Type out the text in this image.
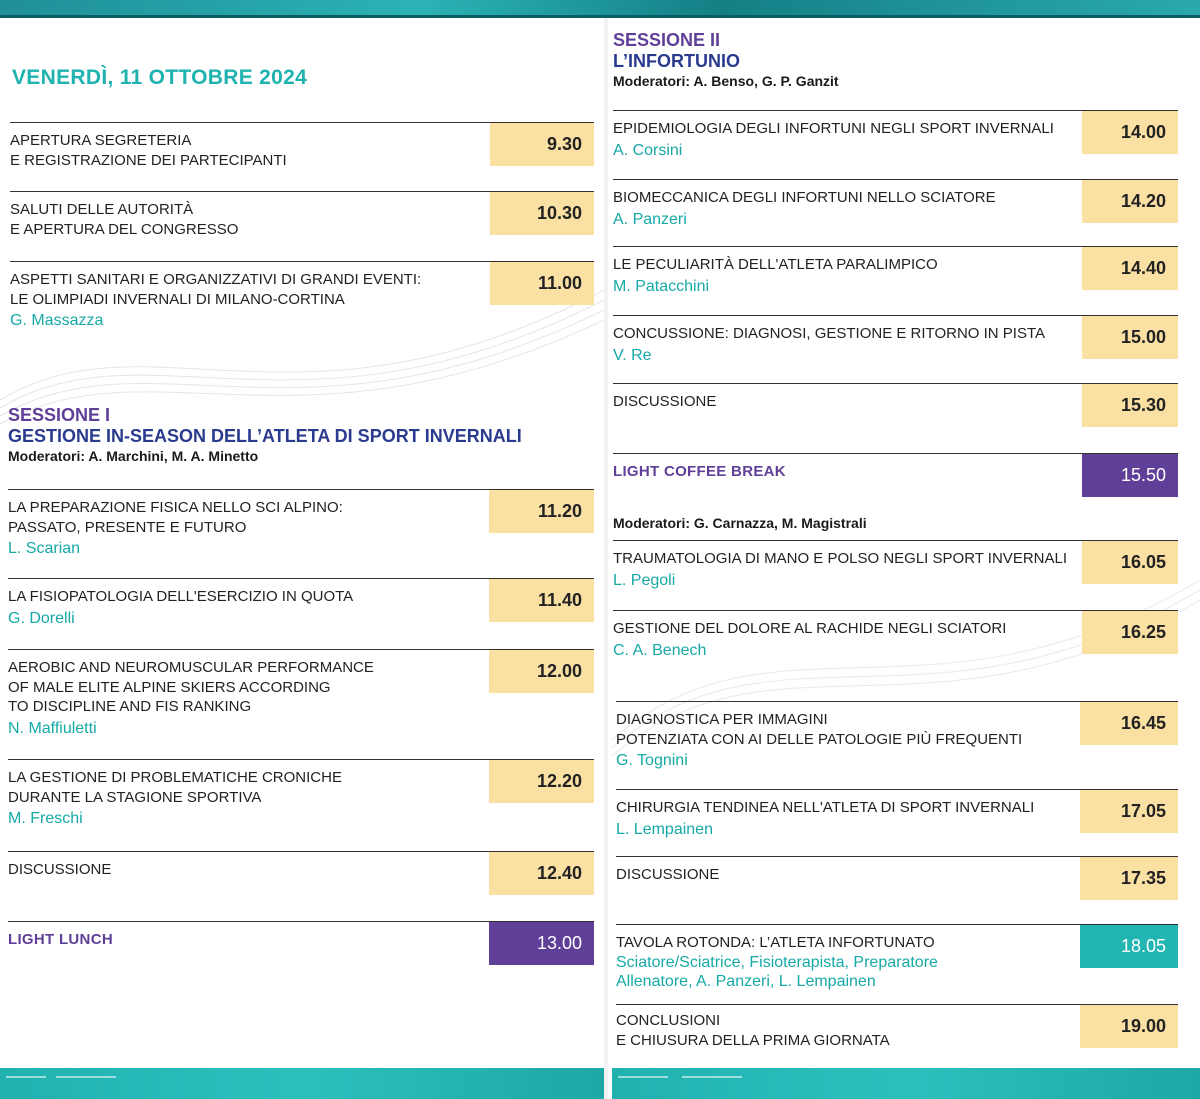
VENERDÌ, 11 OTTOBRE 2024
APERTURA SEGRETERIA
E REGISTRAZIONE DEI PARTECIPANTI
9.30
SALUTI DELLE AUTORITÀ
E APERTURA DEL CONGRESSO
10.30
ASPETTI SANITARI E ORGANIZZATIVI DI GRANDI EVENTI:
LE OLIMPIADI INVERNALI DI MILANO-CORTINA
G. Massazza
11.00
SESSIONE I
GESTIONE IN-SEASON DELL’ATLETA DI SPORT INVERNALI
Moderatori: A. Marchini, M. A. Minetto
LA PREPARAZIONE FISICA NELLO SCI ALPINO:
PASSATO, PRESENTE E FUTURO
L. Scarian
11.20
LA FISIOPATOLOGIA DELL'ESERCIZIO IN QUOTA
G. Dorelli
11.40
AEROBIC AND NEUROMUSCULAR PERFORMANCE
OF MALE ELITE ALPINE SKIERS ACCORDING
TO DISCIPLINE AND FIS RANKING
N. Maffiuletti
12.00
LA GESTIONE DI PROBLEMATICHE CRONICHE
DURANTE LA STAGIONE SPORTIVA
M. Freschi
12.20
DISCUSSIONE	12.40
LIGHT LUNCH	13.00
SESSIONE II
L’INFORTUNIO
Moderatori: A. Benso, G. P. Ganzit
EPIDEMIOLOGIA DEGLI INFORTUNI NEGLI SPORT INVERNALI
A. Corsini
14.00
BIOMECCANICA DEGLI INFORTUNI NELLO SCIATORE
A. Panzeri
14.20
LE PECULIARITÀ DELL'ATLETA PARALIMPICO
M. Patacchini
14.40
CONCUSSIONE: DIAGNOSI, GESTIONE E RITORNO IN PISTA
V. Re
15.00
DISCUSSIONE	15.30
LIGHT COFFEE BREAK	15.50
Moderatori: G. Carnazza, M. Magistrali
TRAUMATOLOGIA DI MANO E POLSO NEGLI SPORT INVERNALI
L. Pegoli
16.05
GESTIONE DEL DOLORE AL RACHIDE NEGLI SCIATORI
C. A. Benech
16.25
DIAGNOSTICA PER IMMAGINI
POTENZIATA CON AI DELLE PATOLOGIE PIÙ FREQUENTI
G. Tognini
16.45
CHIRURGIA TENDINEA NELL'ATLETA DI SPORT INVERNALI
L. Lempainen
17.05
DISCUSSIONE	17.35
TAVOLA ROTONDA: L’ATLETA INFORTUNATO
Sciatore/Sciatrice, Fisioterapista, Preparatore
Allenatore, A. Panzeri, L. Lempainen
18.05
CONCLUSIONI
E CHIUSURA DELLA PRIMA GIORNATA
19.00
